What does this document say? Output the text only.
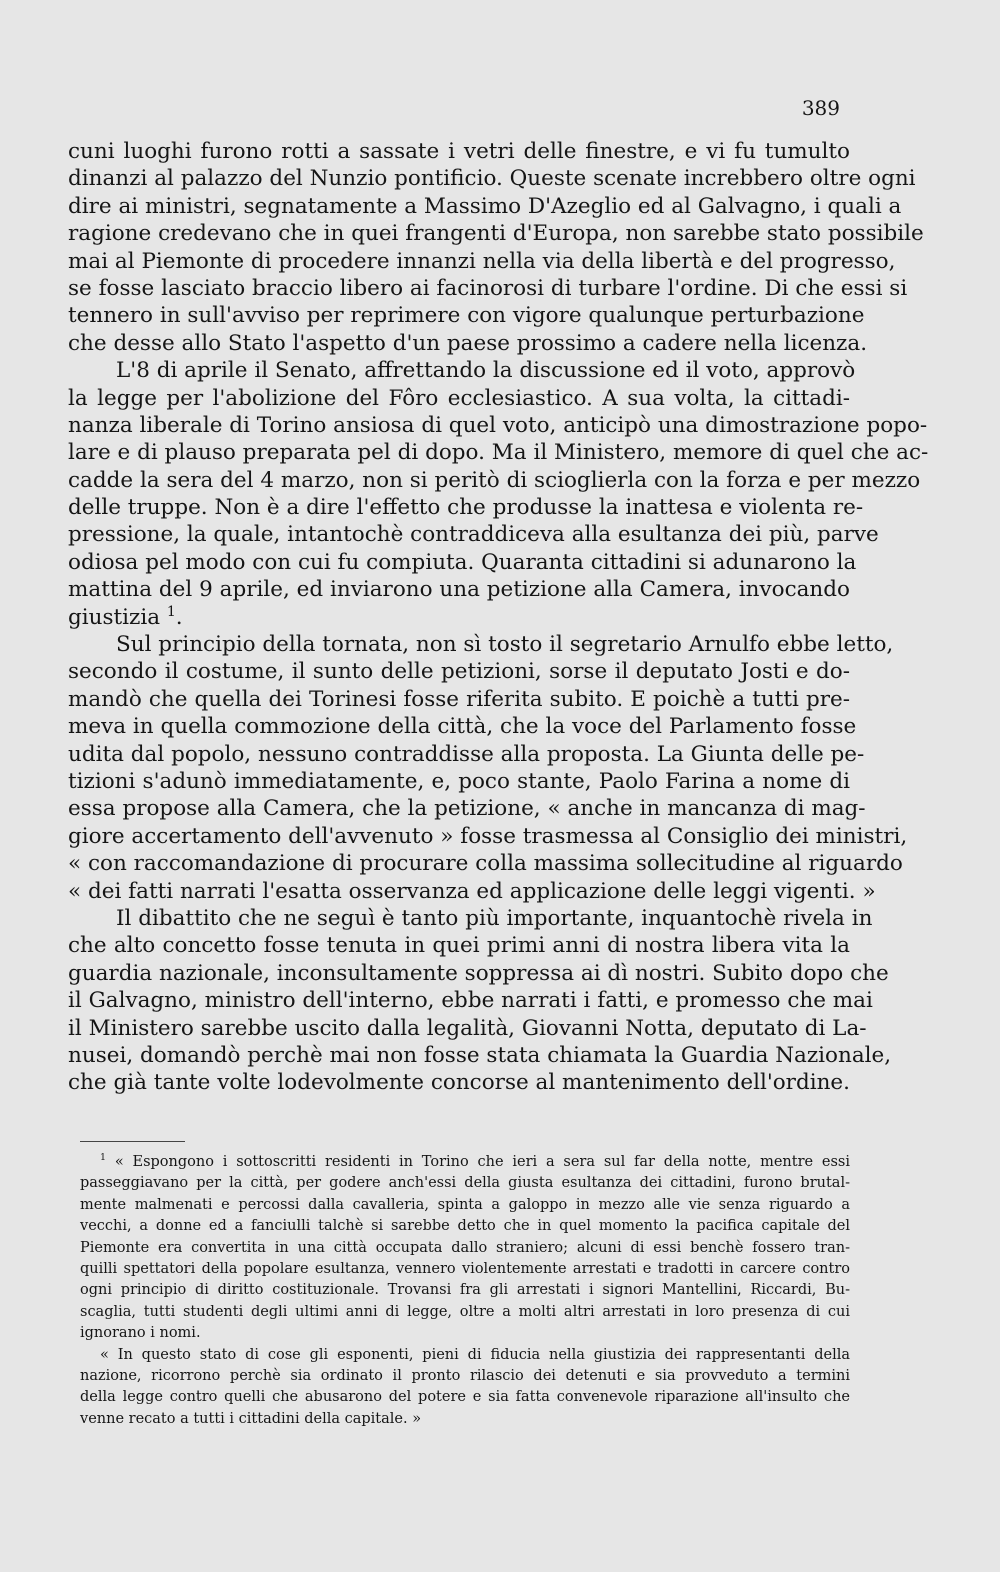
389
cuni luoghi furono rotti a sassate i vetri delle finestre, e vi fu tumulto
dinanzi al palazzo del Nunzio pontificio. Queste scenate increbbero oltre ogni
dire ai ministri, segnatamente a Massimo D'Azeglio ed al Galvagno, i quali a
ragione credevano che in quei frangenti d'Europa, non sarebbe stato possibile
mai al Piemonte di procedere innanzi nella via della libertà e del progresso,
se fosse lasciato braccio libero ai facinorosi di turbare l'ordine. Di che essi si
tennero in sull'avviso per reprimere con vigore qualunque perturbazione
che desse allo Stato l'aspetto d'un paese prossimo a cadere nella licenza.
L'8 di aprile il Senato, affrettando la discussione ed il voto, approvò
la legge per l'abolizione del Fôro ecclesiastico. A sua volta, la cittadi-
nanza liberale di Torino ansiosa di quel voto, anticipò una dimostrazione popo-
lare e di plauso preparata pel di dopo. Ma il Ministero, memore di quel che ac-
cadde la sera del 4 marzo, non si peritò di scioglierla con la forza e per mezzo
delle truppe. Non è a dire l'effetto che produsse la inattesa e violenta re-
pressione, la quale, intantochè contraddiceva alla esultanza dei più, parve
odiosa pel modo con cui fu compiuta. Quaranta cittadini si adunarono la
mattina del 9 aprile, ed inviarono una petizione alla Camera, invocando
giustizia $^1$.
Sul principio della tornata, non sì tosto il segretario Arnulfo ebbe letto,
secondo il costume, il sunto delle petizioni, sorse il deputato Josti e do-
mandò che quella dei Torinesi fosse riferita subito. E poichè a tutti pre-
meva in quella commozione della città, che la voce del Parlamento fosse
udita dal popolo, nessuno contraddisse alla proposta. La Giunta delle pe-
tizioni s'adunò immediatamente, e, poco stante, Paolo Farina a nome di
essa propose alla Camera, che la petizione, « anche in mancanza di mag-
giore accertamento dell'avvenuto » fosse trasmessa al Consiglio dei ministri,
« con raccomandazione di procurare colla massima sollecitudine al riguardo
« dei fatti narrati l'esatta osservanza ed applicazione delle leggi vigenti. »
Il dibattito che ne seguì è tanto più importante, inquantochè rivela in
che alto concetto fosse tenuta in quei primi anni di nostra libera vita la
guardia nazionale, inconsultamente soppressa ai dì nostri. Subito dopo che
il Galvagno, ministro dell'interno, ebbe narrati i fatti, e promesso che mai
il Ministero sarebbe uscito dalla legalità, Giovanni Notta, deputato di La-
nusei, domandò perchè mai non fosse stata chiamata la Guardia Nazionale,
che già tante volte lodevolmente concorse al mantenimento dell'ordine.
$^1$ « Espongono i sottoscritti residenti in Torino che ieri a sera sul far della notte, mentre essi
passeggiavano per la città, per godere anch'essi della giusta esultanza dei cittadini, furono brutal-
mente malmenati e percossi dalla cavalleria, spinta a galoppo in mezzo alle vie senza riguardo a
vecchi, a donne ed a fanciulli talchè si sarebbe detto che in quel momento la pacifica capitale del
Piemonte era convertita in una città occupata dallo straniero; alcuni di essi benchè fossero tran-
quilli spettatori della popolare esultanza, vennero violentemente arrestati e tradotti in carcere contro
ogni principio di diritto costituzionale. Trovansi fra gli arrestati i signori Mantellini, Riccardi, Bu-
scaglia, tutti studenti degli ultimi anni di legge, oltre a molti altri arrestati in loro presenza di cui
ignorano i nomi.
« In questo stato di cose gli esponenti, pieni di fiducia nella giustizia dei rappresentanti della
nazione, ricorrono perchè sia ordinato il pronto rilascio dei detenuti e sia provveduto a termini
della legge contro quelli che abusarono del potere e sia fatta convenevole riparazione all'insulto che
venne recato a tutti i cittadini della capitale. »
